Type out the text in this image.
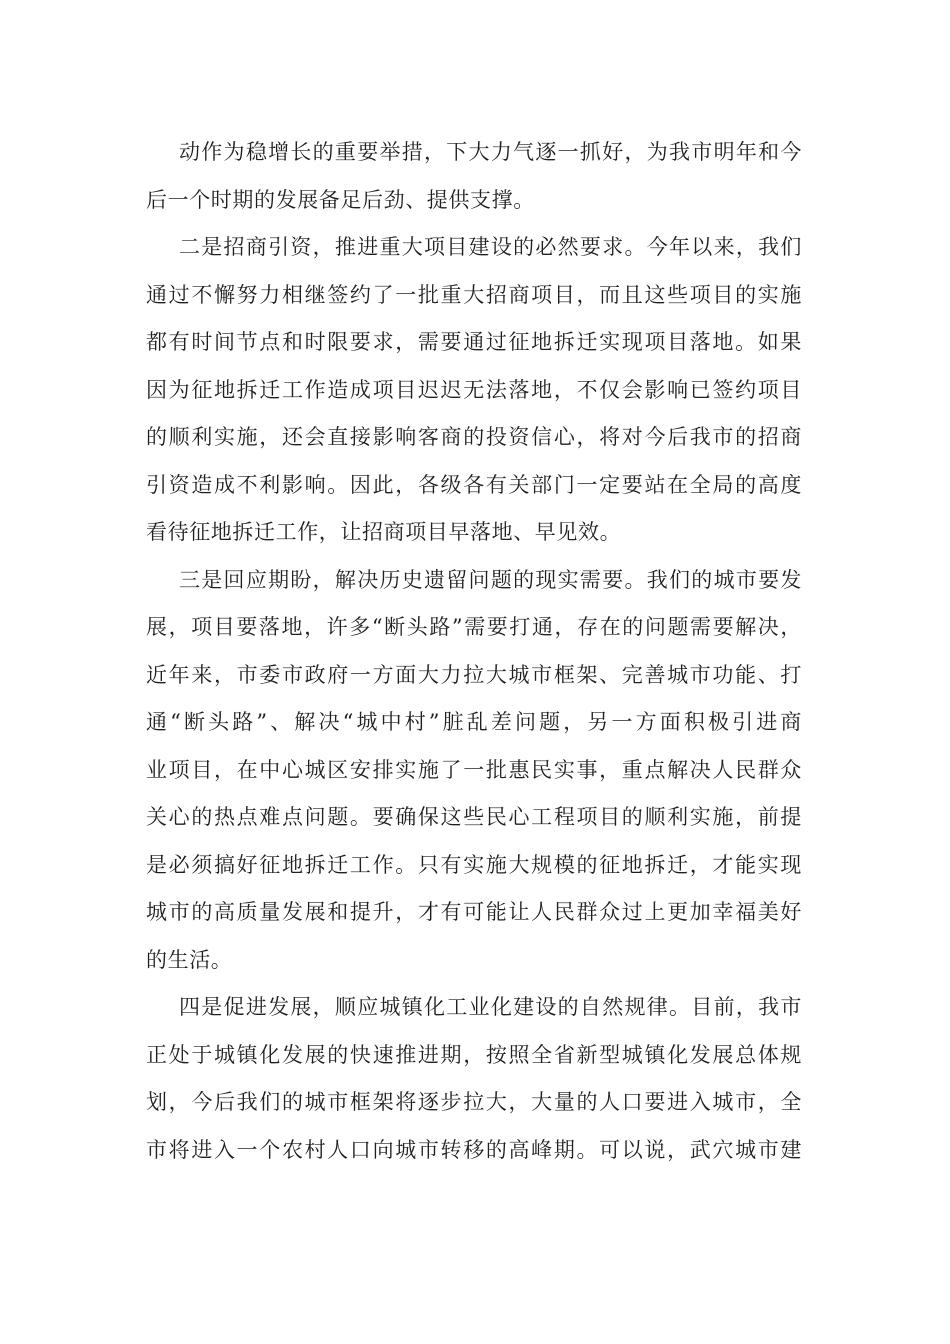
动作为稳增长的重要举措，下大力气逐一抓好，为我市明年和今
后一个时期的发展备足后劲、提供支撑。
二是招商引资，推进重大项目建设的必然要求。今年以来，我们
通过不懈努力相继签约了一批重大招商项目，而且这些项目的实施
都有时间节点和时限要求，需要通过征地拆迁实现项目落地。如果
因为征地拆迁工作造成项目迟迟无法落地，不仅会影响已签约项目
的顺利实施，还会直接影响客商的投资信心，将对今后我市的招商
引资造成不利影响。因此，各级各有关部门一定要站在全局的高度
看待征地拆迁工作，让招商项目早落地、早见效。
三是回应期盼，解决历史遗留问题的现实需要。我们的城市要发
展，项目要落地，许多“断头路”需要打通，存在的问题需要解决，
近年来，市委市政府一方面大力拉大城市框架、完善城市功能、打
通“断头路”、解决“城中村”脏乱差问题，另一方面积极引进商
业项目，在中心城区安排实施了一批惠民实事，重点解决人民群众
关心的热点难点问题。要确保这些民心工程项目的顺利实施，前提
是必须搞好征地拆迁工作。只有实施大规模的征地拆迁，才能实现
城市的高质量发展和提升，才有可能让人民群众过上更加幸福美好
的生活。
四是促进发展，顺应城镇化工业化建设的自然规律。目前，我市
正处于城镇化发展的快速推进期，按照全省新型城镇化发展总体规
划，今后我们的城市框架将逐步拉大，大量的人口要进入城市，全
市将进入一个农村人口向城市转移的高峰期。可以说，武穴城市建
